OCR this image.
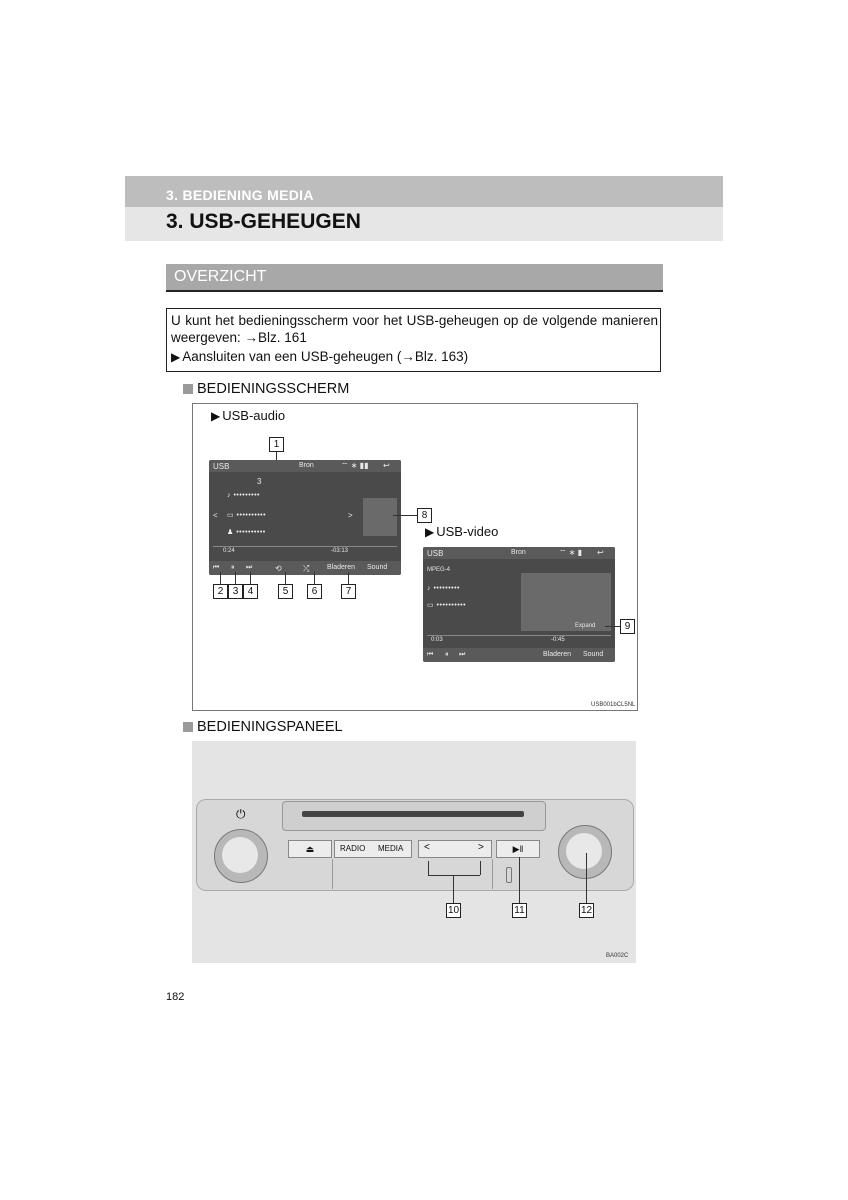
3. BEDIENING MEDIA
3. USB-GEHEUGEN
OVERZICHT
U kunt het bedieningsscherm voor het USB-geheugen op de volgende manieren weergeven: →Blz. 161
▶ Aansluiten van een USB-geheugen (→Blz. 163)
BEDIENINGSSCHERM
▶ USB-audio
1
USB	Bron	⌔ ∗ ▮▮ ↩
3
♪ •••••••••
< ▭ ••••••••••	>
♟ ••••••••••
0:24	-03:13
⏮ ⏸ ⏭	⟲	⤮	Bladeren Sound
2 3 4	5	6	7
8
▶ USB-video
USB	Bron	⌔ ∗ ▮ ↩
MPEG-4
♪ •••••••••
▭ ••••••••••
Expand
0:03	-0:45
⏮ ⏸ ⏭	Bladeren Sound
9
USB001bCL5NL
BEDIENINGSPANEEL
⏻
⏏	RADIO MEDIA <	>	▶‖
10	11	12
BA002C
182
